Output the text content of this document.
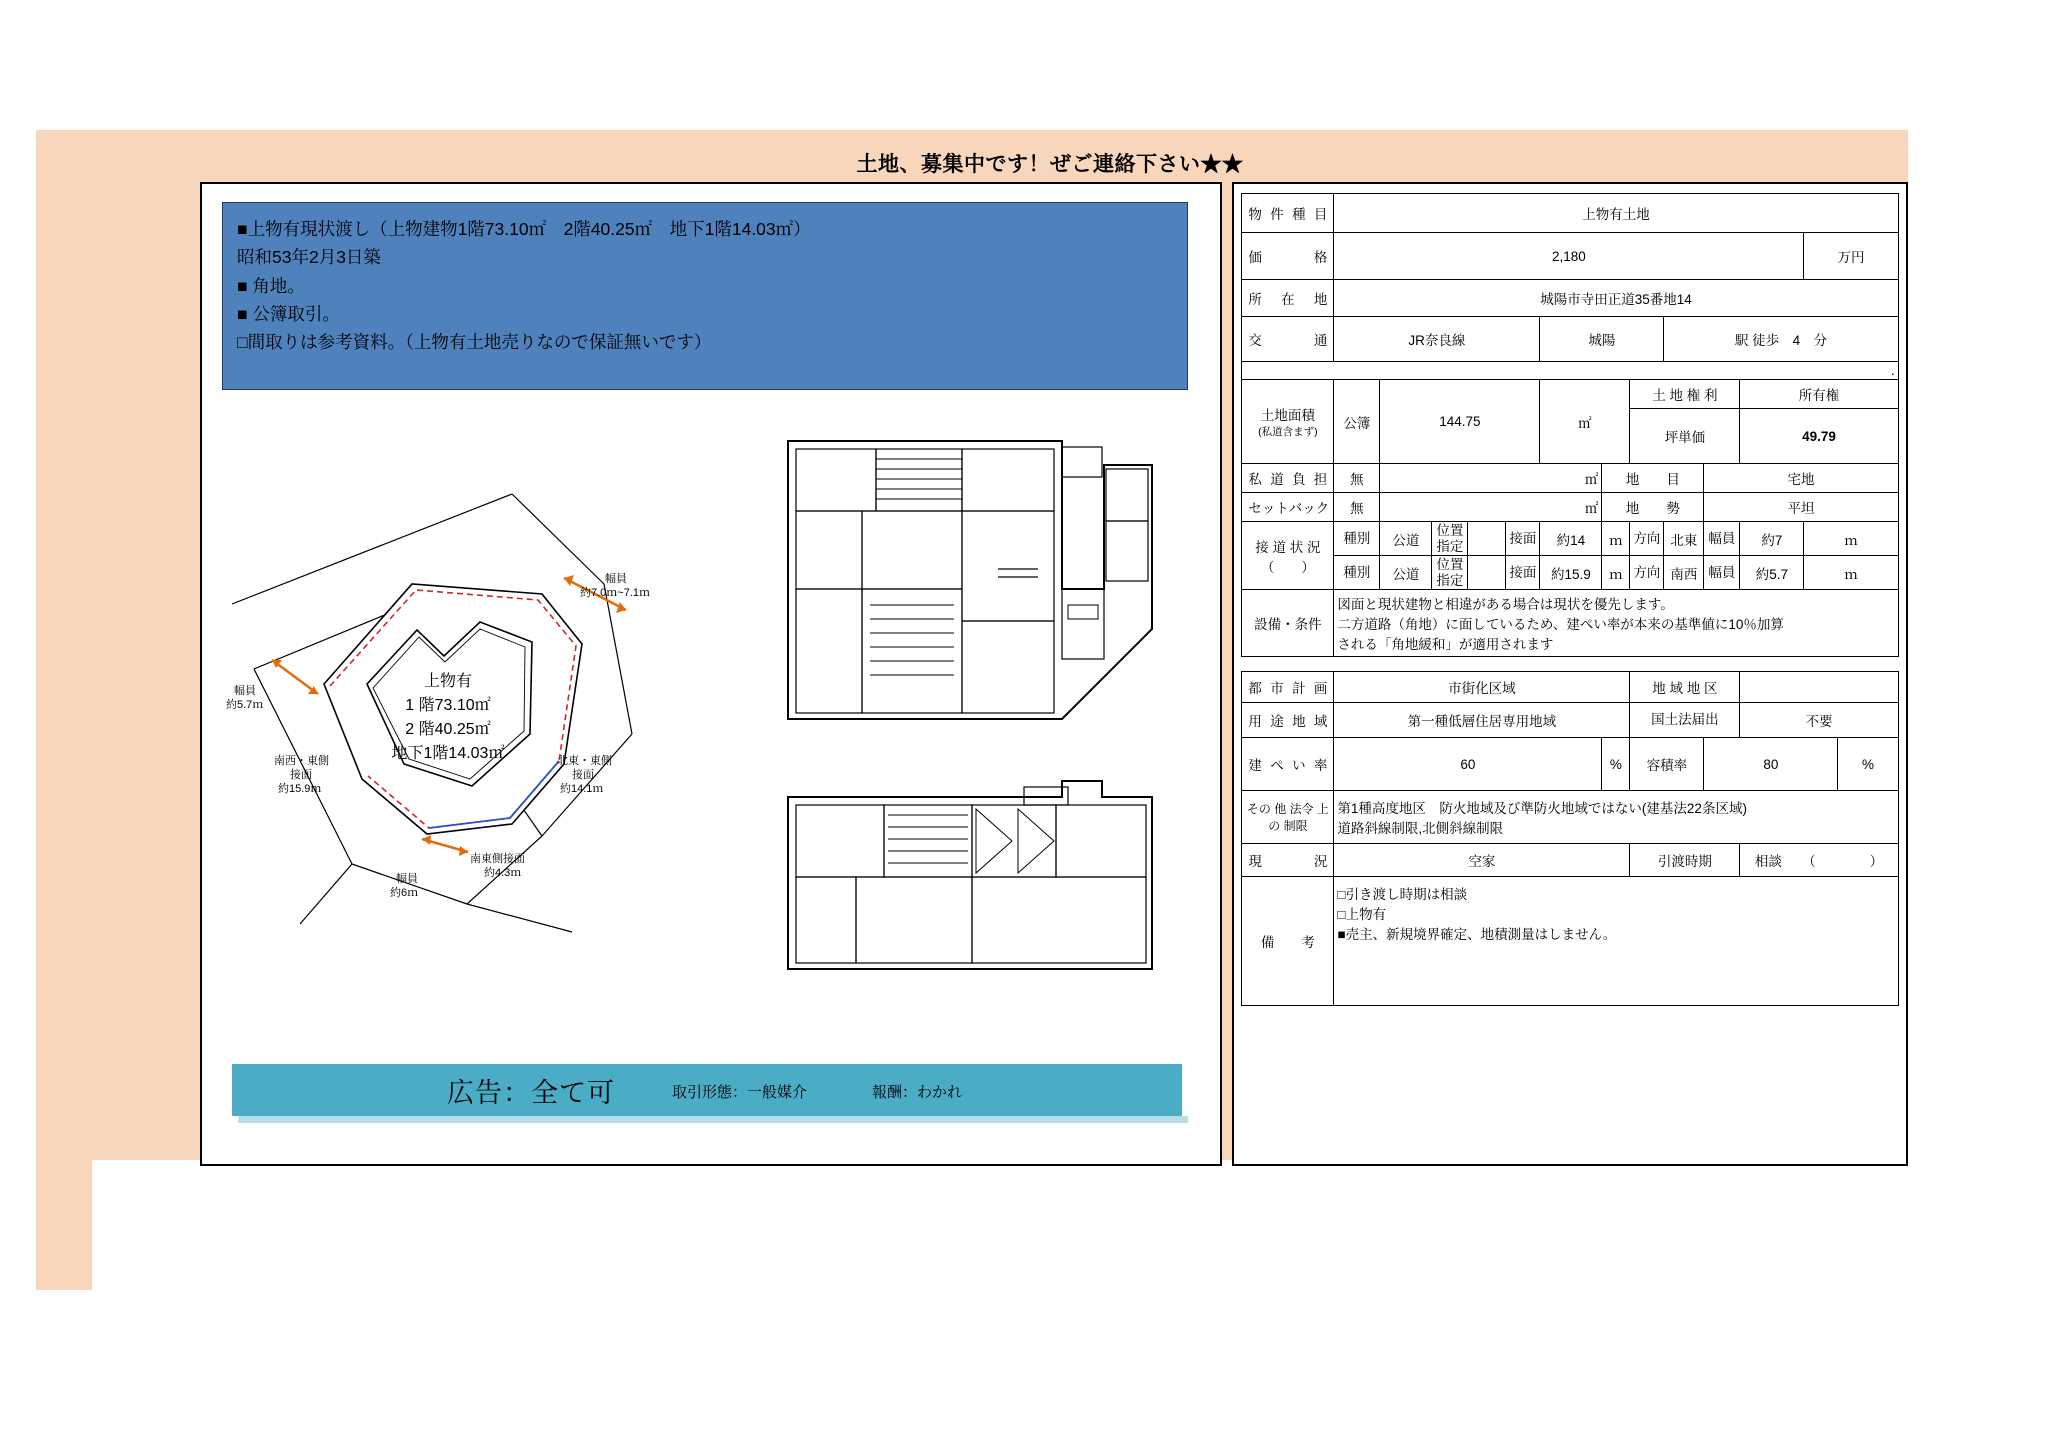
土地、募集中です！ぜご連絡下さい★★
■上物有現状渡し（上物建物1階73.10㎡　2階40.25㎡　地下1階14.03㎡）
昭和53年2月3日築
■ 角地。
■ 公簿取引。
□間取りは参考資料。（上物有土地売りなので保証無いです）
上物有
1 階73.10㎡
2 階40.25㎡
地下1階14.03㎡
幅員
約5.7ｍ
幅員
約7.0ｍ~7.1ｍ
南西・東側
接面
約15.9ｍ
北東・東側
接面
約14.1ｍ
南東側接面
約4.3ｍ
幅員
約6ｍ
広告：全て可	取引形態：一般媒介	報酬：わかれ
物 件 種 目	上物有土地												
価　　格	2,180											万円	
所 在 地	城陽市寺田正道35番地14												
交　　通	JR奈良線					城陽			駅 徒歩　4　分				
.													

土地面積
(私道含まず)	公簿	144.75				㎡		土 地 権 利			所有権		
								坪単価			49.79		
私 道 負 担	無	㎡					地　　目			宅地			
セットバック	無	㎡					地　　勢			平坦			

接 道 状 況
（　　）	種別	公道	位置指定		接面	約14	ｍ	方向	北東	幅員	約7	ｍ	
	種別	公道	位置指定		接面	約15.9	ｍ	方向	南西	幅員	約5.7	ｍ	
設備・条件	図面と現状建物と相違がある場合は現状を優先します。
二方道路（角地）に面しているため、建ぺい率が本来の基準値に10％加算
される「角地緩和」が適用されます												

都 市 計 画	市街化区域							地 域 地 区					
用 途 地 域	第一種低層住居専用地域							国土法届出			不要		
建ぺい率	60						%	容積率		80			%
その 他 法令 上 の 制限	第1種高度地区　防火地域及び準防火地域ではない(建基法22条区域)
道路斜線制限,北側斜線制限												

現　　況	空家							引渡時期			相談　　（　　　　）		
備　　考	□引き渡し時期は相談
□上物有
■売主、新規境界確定、地積測量はしません。												
